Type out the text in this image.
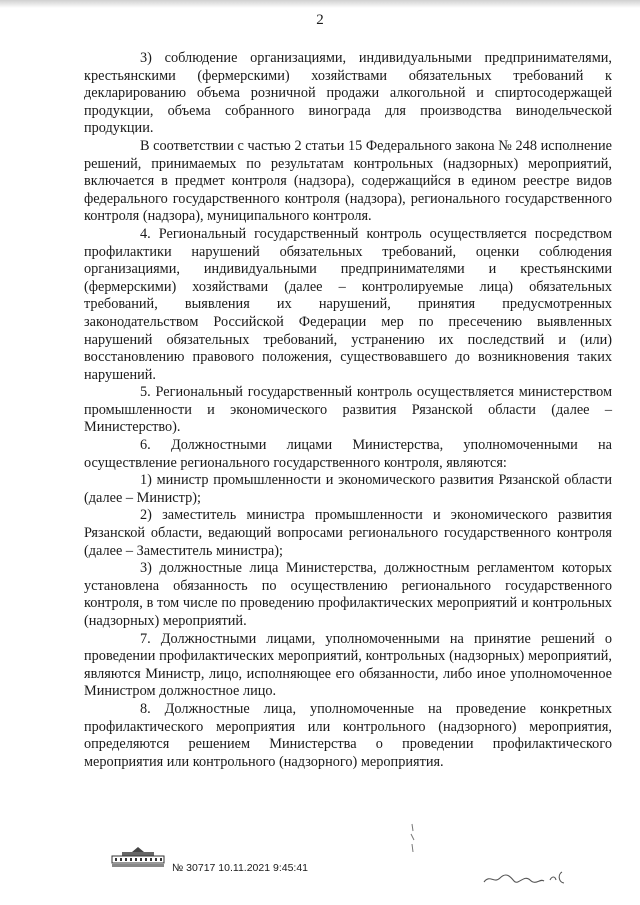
2

3) соблюдение организациями, индивидуальными предпринимателями, крестьянскими (фермерскими) хозяйствами обязательных требований к декларированию объема розничной продажи алкогольной и спиртосодержащей продукции, объема собранного винограда для производства винодельческой продукции.

В соответствии с частью 2 статьи 15 Федерального закона № 248 исполнение решений, принимаемых по результатам контрольных (надзорных) мероприятий, включается в предмет контроля (надзора), содержащийся в едином реестре видов федерального государственного контроля (надзора), регионального государственного контроля (надзора), муниципального контроля.

4. Региональный государственный контроль осуществляется посредством профилактики нарушений обязательных требований, оценки соблюдения организациями, индивидуальными предпринимателями и крестьянскими (фермерскими) хозяйствами (далее – контролируемые лица) обязательных требований, выявления их нарушений, принятия предусмотренных законодательством Российской Федерации мер по пресечению выявленных нарушений обязательных требований, устранению их последствий и (или) восстановлению правового положения, существовавшего до возникновения таких нарушений.

5. Региональный государственный контроль осуществляется министерством промышленности и экономического развития Рязанской области (далее – Министерство).

6. Должностными лицами Министерства, уполномоченными на осуществление регионального государственного контроля, являются:

1) министр промышленности и экономического развития Рязанской области (далее – Министр);

2) заместитель министра промышленности и экономического развития Рязанской области, ведающий вопросами регионального государственного контроля (далее – Заместитель министра);

3) должностные лица Министерства, должностным регламентом которых установлена обязанность по осуществлению регионального государственного контроля, в том числе по проведению профилактических мероприятий и контрольных (надзорных) мероприятий.

7. Должностными лицами, уполномоченными на принятие решений о проведении профилактических мероприятий, контрольных (надзорных) мероприятий, являются Министр, лицо, исполняющее его обязанности, либо иное уполномоченное Министром должностное лицо.

8. Должностные лица, уполномоченные на проведение конкретных профилактического мероприятия или контрольного (надзорного) мероприятия, определяются решением Министерства о проведении профилактического мероприятия или контрольного (надзорного) мероприятия.

№ 30717 10.11.2021 9:45:41
